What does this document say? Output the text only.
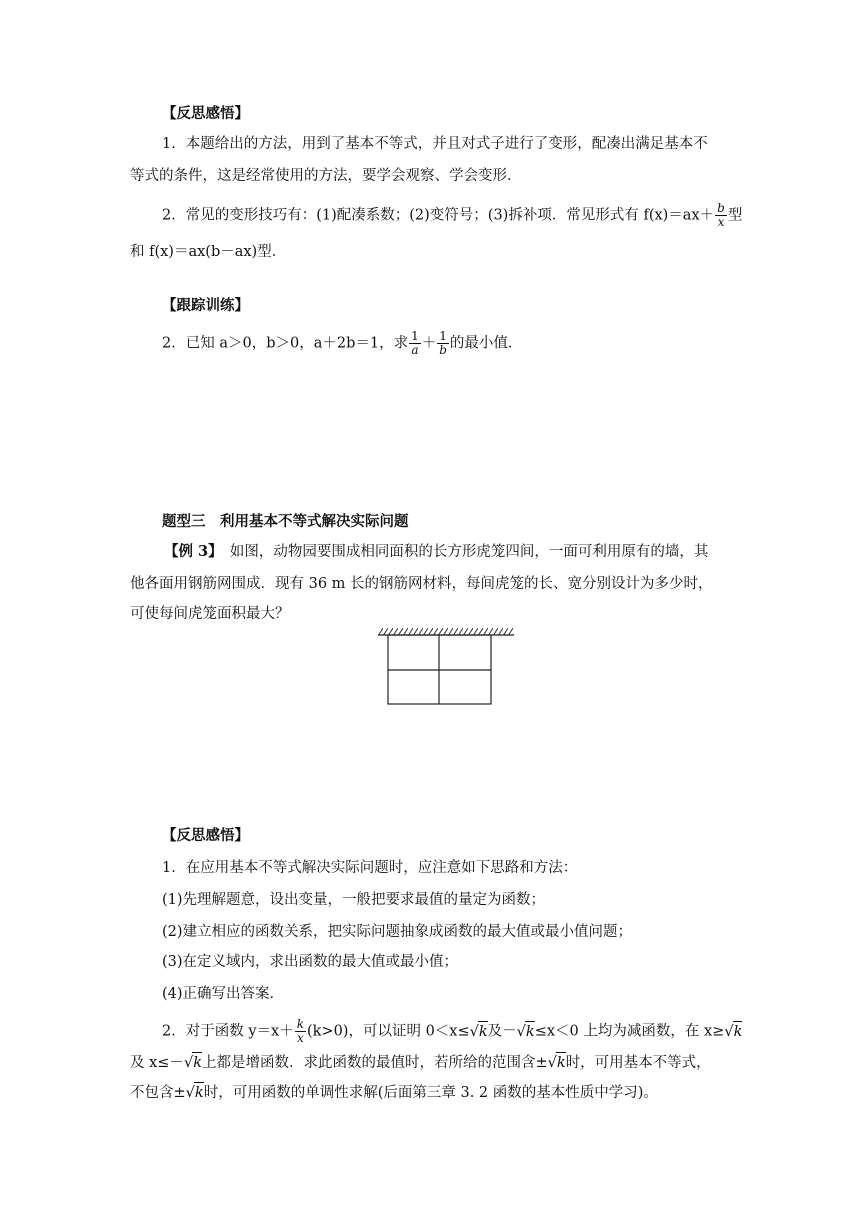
【反思感悟】
1．本题给出的方法，用到了基本不等式，并且对式子进行了变形，配凑出满足基本不
等式的条件，这是经常使用的方法，要学会观察、学会变形．
2．常见的变形技巧有：(1)配凑系数；(2)变符号；(3)拆补项．常见形式有 $f(x)=ax+ \frac{b}{x}$ 型
和 f(x)＝ax(b－ax)型．
【跟踪训练】
2．已知 a＞0，b＞0，a＋2b＝1，求 $\frac{1}{a} + \frac{1}{b}$ 的最小值．
题型三　利用基本不等式解决实际问题
【例 3】　如图，动物园要围成相同面积的长方形虎笼四间，一面可利用原有的墙，其
他各面用钢筋网围成．现有 36 m 长的钢筋网材料，每间虎笼的长、宽分别设计为多少时，
可使每间虎笼面积最大？
【反思感悟】
1．在应用基本不等式解决实际问题时，应注意如下思路和方法：
(1)先理解题意，设出变量，一般把要求最值的量定为函数；
(2)建立相应的函数关系，把实际问题抽象成函数的最大值或最小值问题；
(3)在定义域内，求出函数的最大值或最小值；
(4)正确写出答案．
2．对于函数 $y=x+ \frac{k}{x} (k>0)$，可以证明 0＜x≤√k及－√k≤x＜0 上均为减函数，在 x≥√k
及 x≤－√k上都是增函数．求此函数的最值时，若所给的范围含±√k时，可用基本不等式，
不包含±√k时，可用函数的单调性求解(后面第三章 3. 2 函数的基本性质中学习)。
